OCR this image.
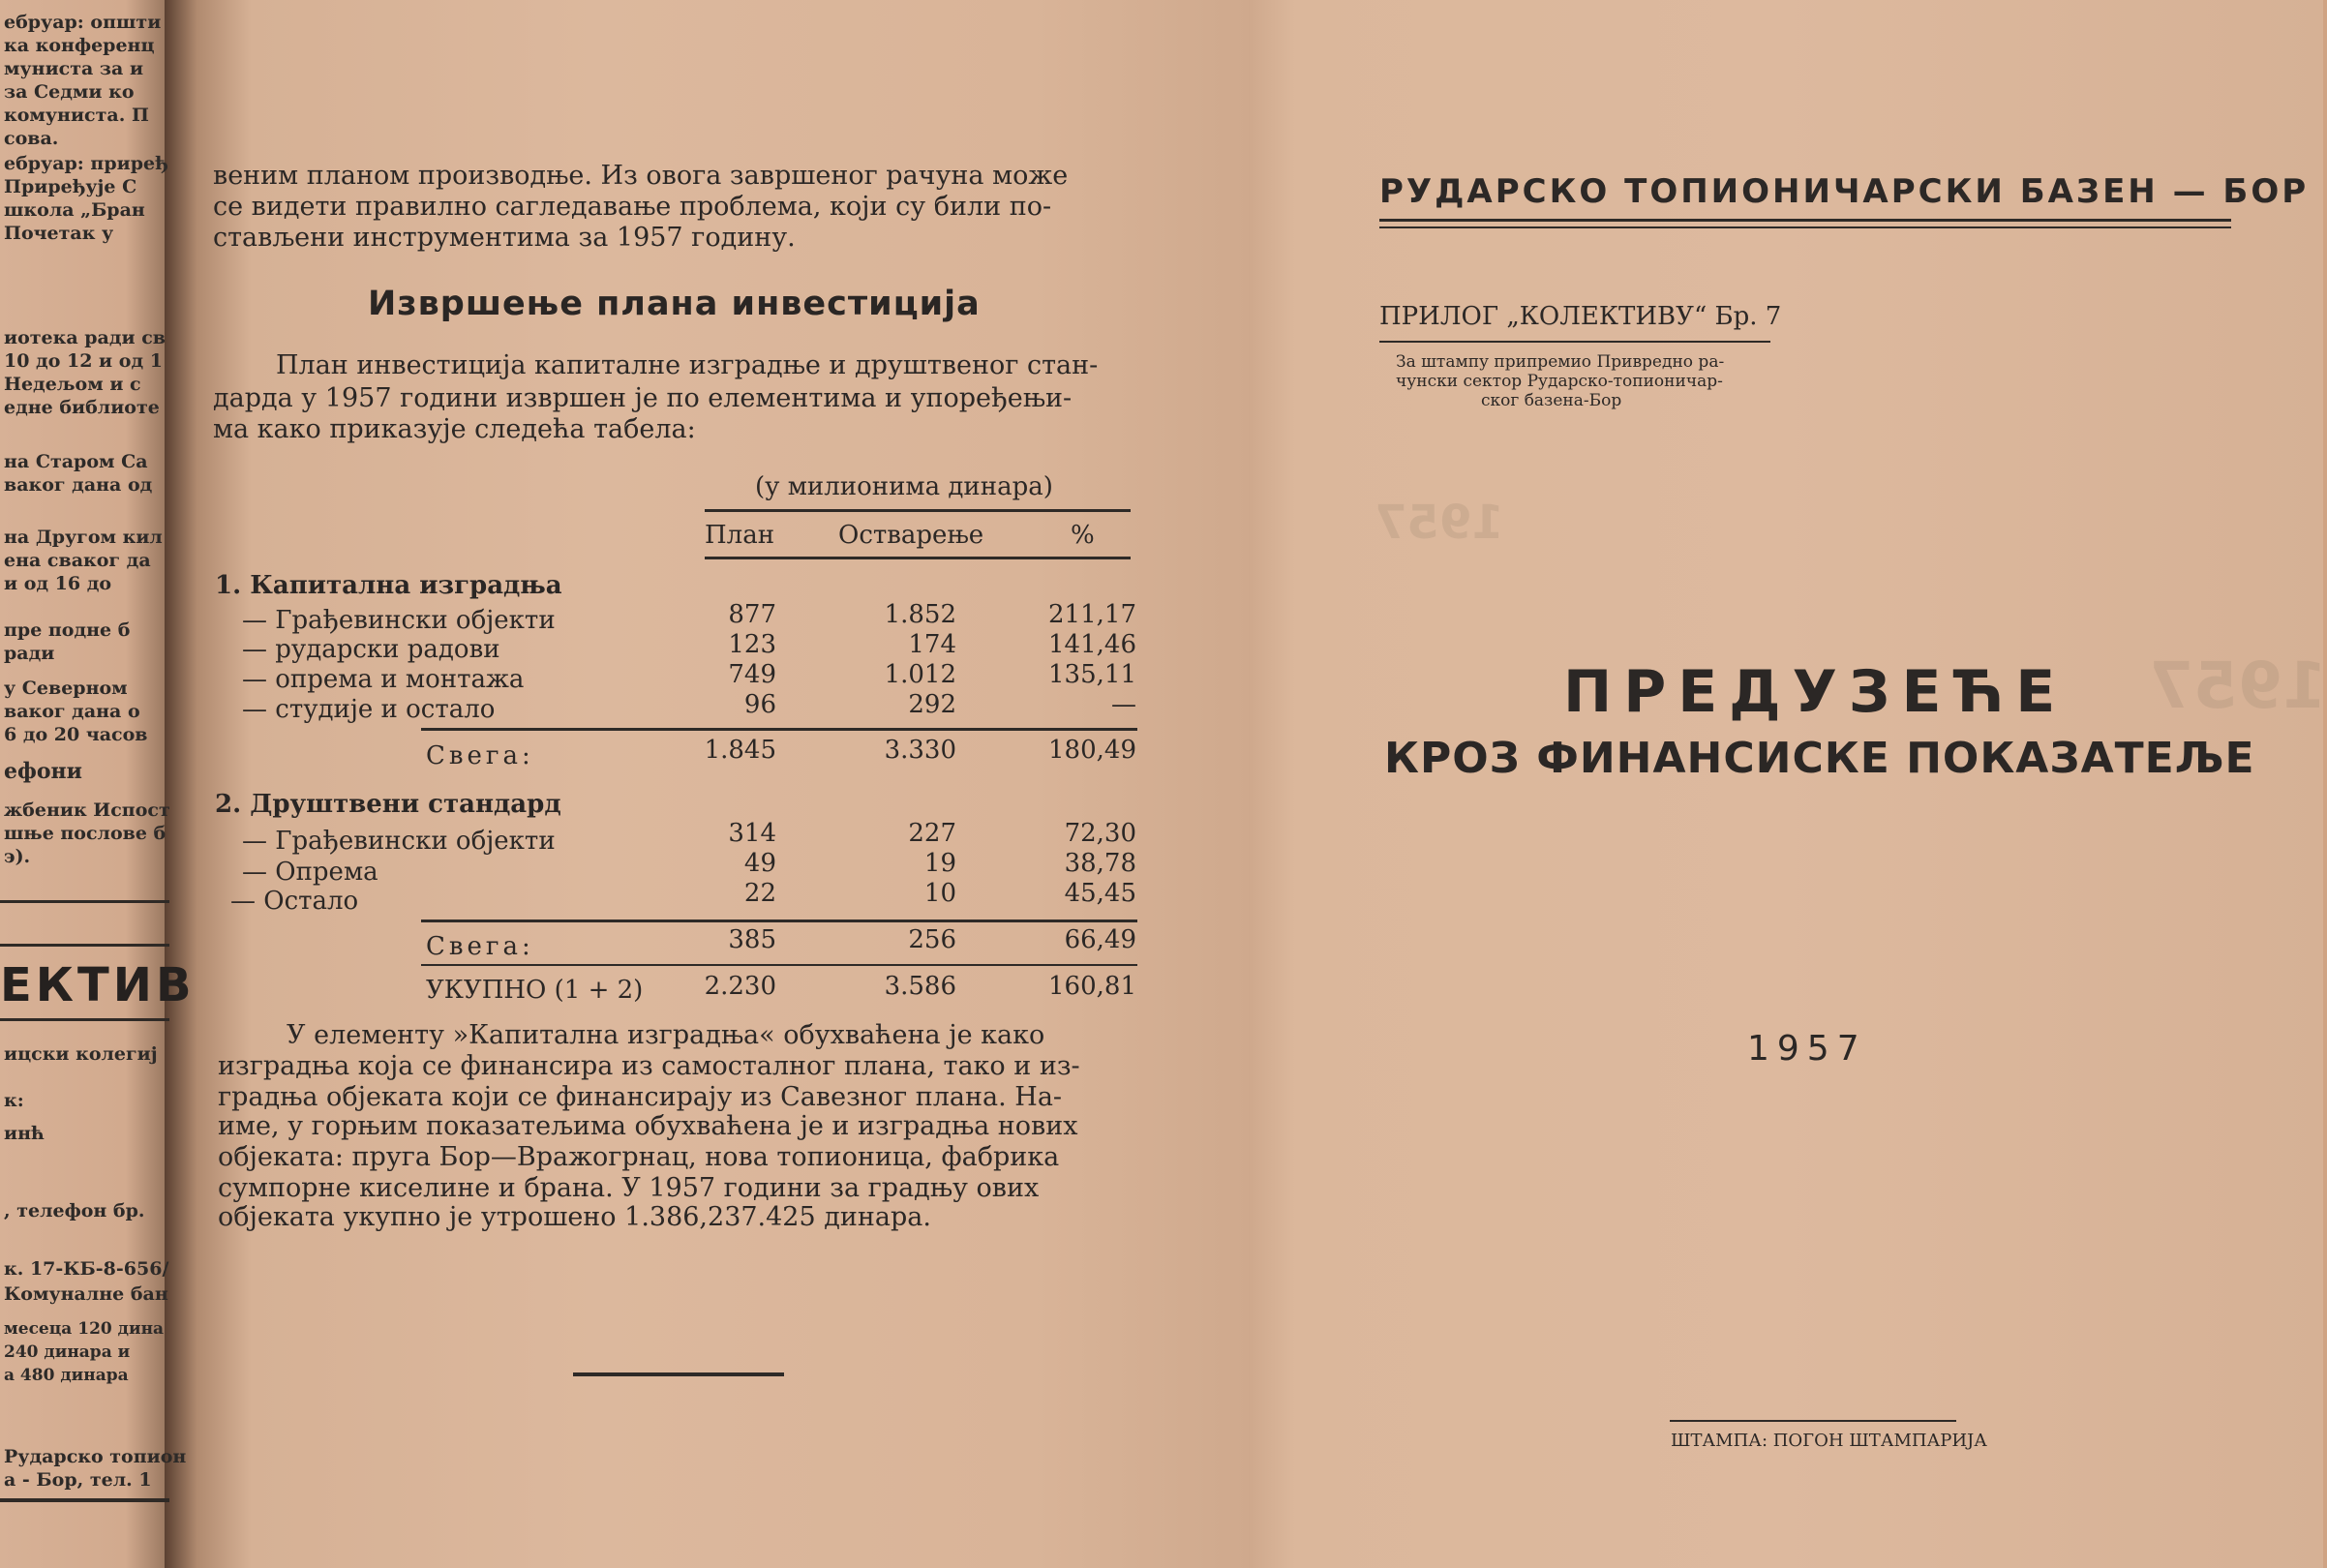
ебруар: општи
ка конференц
мунистa за и
за Седми ко
комуниста. П
сова.
ебруар: приређ
Приређује С
школа „Бран
Почетак у
иотека ради св
10 до 12 и од 1
Недељом и с
едне библиоте
на Старом Са
ваког дана од
на Другом кил
ена сваког да
и од 16 до
пре подне б
ради
у Северном
ваког дана о
6 до 20 часов
ефони
жбеник Испост
шње послове б
э).
ЕКТИВ
ицски колегиј
к:
инћ
, телефон бр.
к. 17-КБ-8-656/
Комуналне бан
месеца 120 дина
240 динара и
а 480 динара
Рударско топион
а - Бор, тел. 1
веним планом производње. Из овога завршеног рачуна може
се видети правилно сагледавање проблема, који су били по-
стављени инструментима за 1957 годину.
Извршење плана инвестиција
План инвестиција капиталне изградње и друштвеног стан-
дарда у 1957 години извршен је по елементима и упоређењи-
ма како приказује следећа табела:
(у милионима динара)
План	Остварење	%
1. Капитална изградња
— Грађевински објекти	877	1.852	211,17
— рударски радови	123	174	141,46
— опрема и монтажа	749	1.012	135,11
— студије и остало	96	292	—
Свега:	1.845	3.330	180,49
2. Друштвени стандард
— Грађевински објекти	314	227	72,30
— Опрема	49	19	38,78
— Остало	22	10	45,45
Свега:	385	256	66,49
УКУПНО (1 + 2)	2.230	3.586	160,81
У елементу »Капитална изградња« обухваћена је како
изградња која се финансира из самосталног плана, тако и из-
градња објеката који се финансирају из Савезног плана. На-
име, у горњим показатељима обухваћена је и изградња нових
објеката: пруга Бор—Вражогрнац, нова топионица, фабрика
сумпорне киселине и брана. У 1957 години за градњу ових
објеката укупно је утрошено 1.386,237.425 динара.
1957
1957
РУДАРСКО ТОПИОНИЧАРСКИ БАЗЕН — БОР
ПРИЛОГ „КОЛЕКТИВУ“ Бр. 7
За штампу припремио Привредно ра-
чунски сектор Рударско-топионичар-
ског базена-Бор
ПРЕДУЗЕЋЕ
КРОЗ ФИНАНСИСКЕ ПОКАЗАТЕЉЕ
1957
ШТАМПА: ПОГОН ШТАМПАРИЈА
